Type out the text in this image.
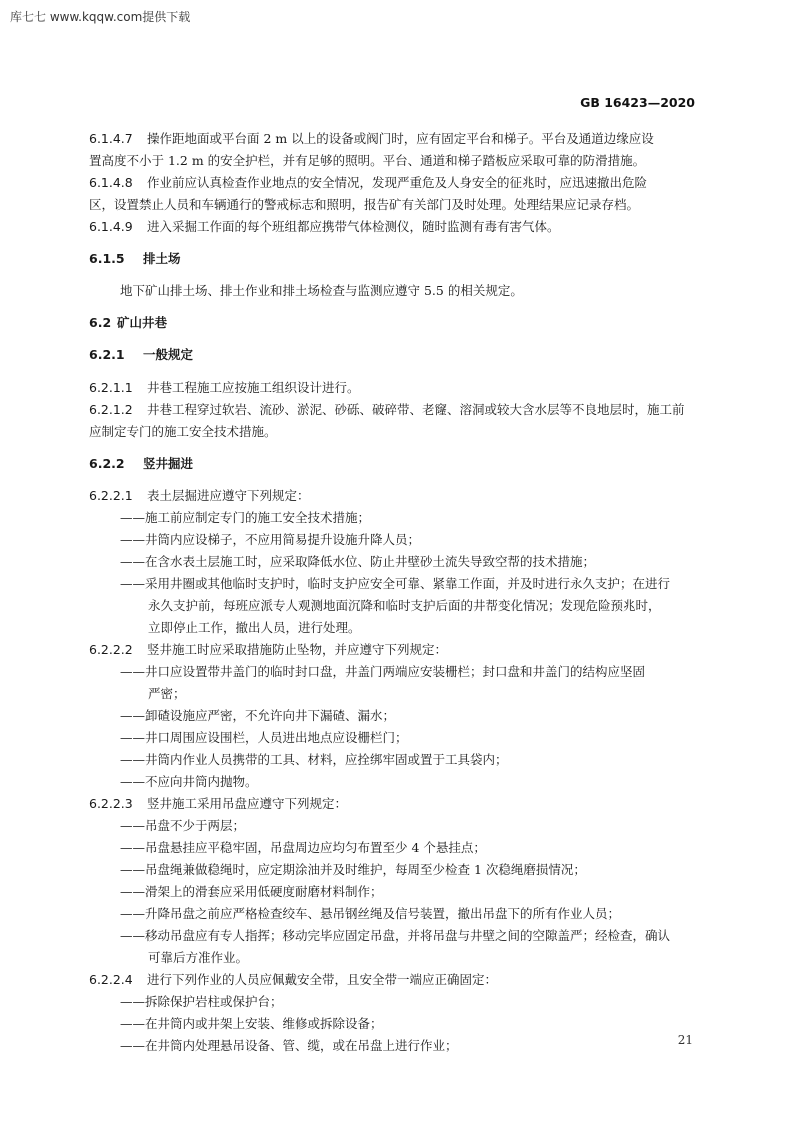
库七七 www.kqqw.com提供下载
GB 16423—2020
6.1.4.7 操作距地面或平台面 2 m 以上的设备或阀门时，应有固定平台和梯子。平台及通道边缘应设
置高度不小于 1.2 m 的安全护栏，并有足够的照明。平台、通道和梯子踏板应采取可靠的防滑措施。
6.1.4.8 作业前应认真检查作业地点的安全情况，发现严重危及人身安全的征兆时，应迅速撤出危险
区，设置禁止人员和车辆通行的警戒标志和照明，报告矿有关部门及时处理。处理结果应记录存档。
6.1.4.9 进入采掘工作面的每个班组都应携带气体检测仪，随时监测有毒有害气体。
6.1.5 排土场
地下矿山排土场、排土作业和排土场检查与监测应遵守 5.5 的相关规定。
6.2 矿山井巷
6.2.1 一般规定
6.2.1.1 井巷工程施工应按施工组织设计进行。
6.2.1.2 井巷工程穿过软岩、流砂、淤泥、砂砾、破碎带、老窿、溶洞或较大含水层等不良地层时，施工前
应制定专门的施工安全技术措施。
6.2.2 竖井掘进
6.2.2.1 表土层掘进应遵守下列规定：
——施工前应制定专门的施工安全技术措施；
——井筒内应设梯子，不应用简易提升设施升降人员；
——在含水表土层施工时，应采取降低水位、防止井壁砂土流失导致空帮的技术措施；
——采用井圈或其他临时支护时，临时支护应安全可靠、紧靠工作面，并及时进行永久支护；在进行
永久支护前，每班应派专人观测地面沉降和临时支护后面的井帮变化情况；发现危险预兆时，
立即停止工作，撤出人员，进行处理。
6.2.2.2 竖井施工时应采取措施防止坠物，并应遵守下列规定：
——井口应设置带井盖门的临时封口盘，井盖门两端应安装栅栏；封口盘和井盖门的结构应坚固
严密；
——卸碴设施应严密，不允许向井下漏碴、漏水；
——井口周围应设围栏，人员进出地点应设栅栏门；
——井筒内作业人员携带的工具、材料，应拴绑牢固或置于工具袋内；
——不应向井筒内抛物。
6.2.2.3 竖井施工采用吊盘应遵守下列规定：
——吊盘不少于两层；
——吊盘悬挂应平稳牢固，吊盘周边应均匀布置至少 4 个悬挂点；
——吊盘绳兼做稳绳时，应定期涂油并及时维护，每周至少检查 1 次稳绳磨损情况；
——滑架上的滑套应采用低硬度耐磨材料制作；
——升降吊盘之前应严格检查绞车、悬吊钢丝绳及信号装置，撤出吊盘下的所有作业人员；
——移动吊盘应有专人指挥；移动完毕应固定吊盘，并将吊盘与井壁之间的空隙盖严；经检查，确认
可靠后方准作业。
6.2.2.4 进行下列作业的人员应佩戴安全带，且安全带一端应正确固定：
——拆除保护岩柱或保护台；
——在井筒内或井架上安装、维修或拆除设备；
——在井筒内处理悬吊设备、管、缆，或在吊盘上进行作业；	21
